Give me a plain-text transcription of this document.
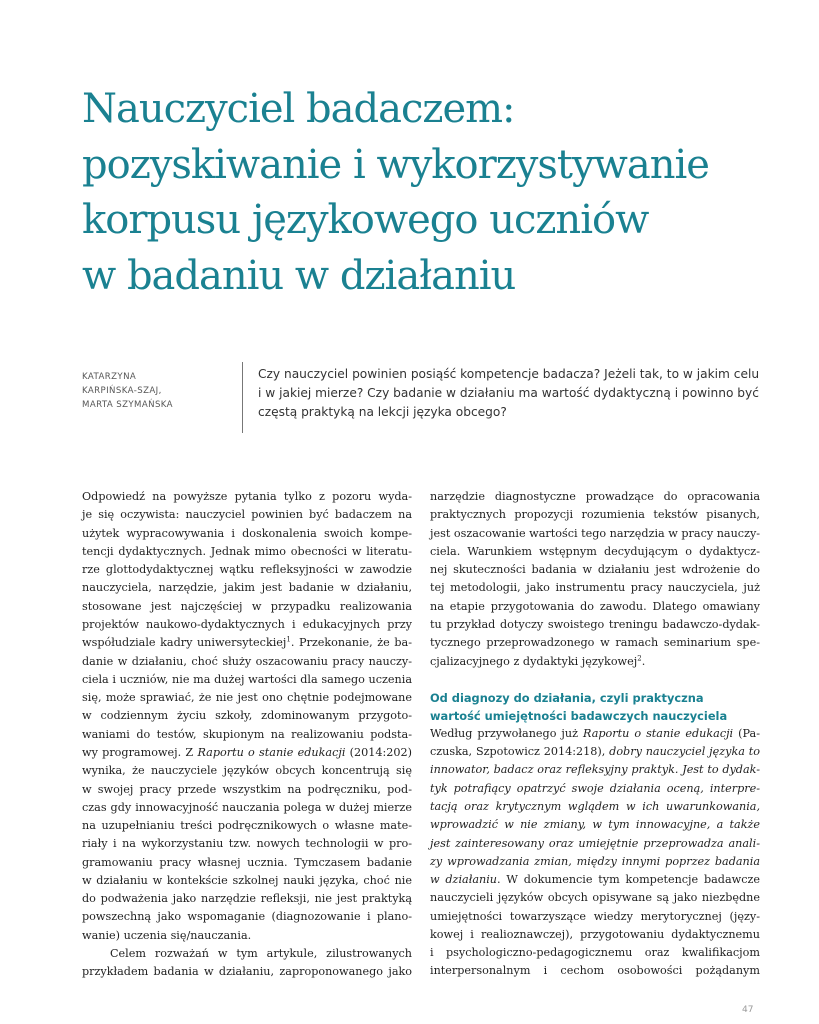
Nauczyciel badaczem:
pozyskiwanie i wykorzystywanie
korpusu językowego uczniów
w badaniu w działaniu
KATARZYNA
KARPIŃSKA-SZAJ,
MARTA SZYMAŃSKA
Czy nauczyciel powinien posiąść kompetencje badacza? Jeżeli tak, to w jakim celu
i w jakiej mierze? Czy badanie w działaniu ma wartość dydaktyczną i powinno być
częstą praktyką na lekcji języka obcego?
Odpowiedź na powyższe pytania tylko z pozoru wyda-
je się oczywista: nauczyciel powinien być badaczem na
użytek wypracowywania i doskonalenia swoich kompe-
tencji dydaktycznych. Jednak mimo obecności w literatu-
rze glottodydaktycznej wątku refleksyjności w zawodzie
nauczyciela, narzędzie, jakim jest badanie w działaniu,
stosowane jest najczęściej w przypadku realizowania
projektów naukowo-dydaktycznych i edukacyjnych przy
współudziale kadry uniwersyteckiej$^1$. Przekonanie, że ba-
danie w działaniu, choć służy oszacowaniu pracy nauczy-
ciela i uczniów, nie ma dużej wartości dla samego uczenia
się, może sprawiać, że nie jest ono chętnie podejmowane
w codziennym życiu szkoły, zdominowanym przygoto-
waniami do testów, skupionym na realizowaniu podsta-
wy programowej. Z Raportu o stanie edukacji (2014:202)
wynika, że nauczyciele języków obcych koncentrują się
w swojej pracy przede wszystkim na podręczniku, pod-
czas gdy innowacyjność nauczania polega w dużej mierze
na uzupełnianiu treści podręcznikowych o własne mate-
riały i na wykorzystaniu tzw. nowych technologii w pro-
gramowaniu pracy własnej ucznia. Tymczasem badanie
w działaniu w kontekście szkolnej nauki języka, choć nie
do podważenia jako narzędzie refleksji, nie jest praktyką
powszechną jako wspomaganie (diagnozowanie i plano-
wanie) uczenia się/nauczania.
Celem rozważań w tym artykule, zilustrowanych
przykładem badania w działaniu, zaproponowanego jako
narzędzie diagnostyczne prowadzące do opracowania
praktycznych propozycji rozumienia tekstów pisanych,
jest oszacowanie wartości tego narzędzia w pracy nauczy-
ciela. Warunkiem wstępnym decydującym o dydaktycz-
nej skuteczności badania w działaniu jest wdrożenie do
tej metodologii, jako instrumentu pracy nauczyciela, już
na etapie przygotowania do zawodu. Dlatego omawiany
tu przykład dotyczy swoistego treningu badawczo-dydak-
tycznego przeprowadzonego w ramach seminarium spe-
cjalizacyjnego z dydaktyki językowej$^2$.
Od diagnozy do działania, czyli praktyczna
wartość umiejętności badawczych nauczyciela
Według przywołanego już Raportu o stanie edukacji (Pa-
czuska, Szpotowicz 2014:218), dobry nauczyciel języka to
innowator, badacz oraz refleksyjny praktyk. Jest to dydak-
tyk potrafiący opatrzyć swoje działania oceną, interpre-
tacją oraz krytycznym wglądem w ich uwarunkowania,
wprowadzić w nie zmiany, w tym innowacyjne, a także
jest zainteresowany oraz umiejętnie przeprowadza anali-
zy wprowadzania zmian, między innymi poprzez badania
w działaniu. W dokumencie tym kompetencje badawcze
nauczycieli języków obcych opisywane są jako niezbędne
umiejętności towarzyszące wiedzy merytorycznej (języ-
kowej i realioznawczej), przygotowaniu dydaktycznemu
i psychologiczno-pedagogicznemu oraz kwalifikacjom
interpersonalnym i cechom osobowości pożądanym
47
